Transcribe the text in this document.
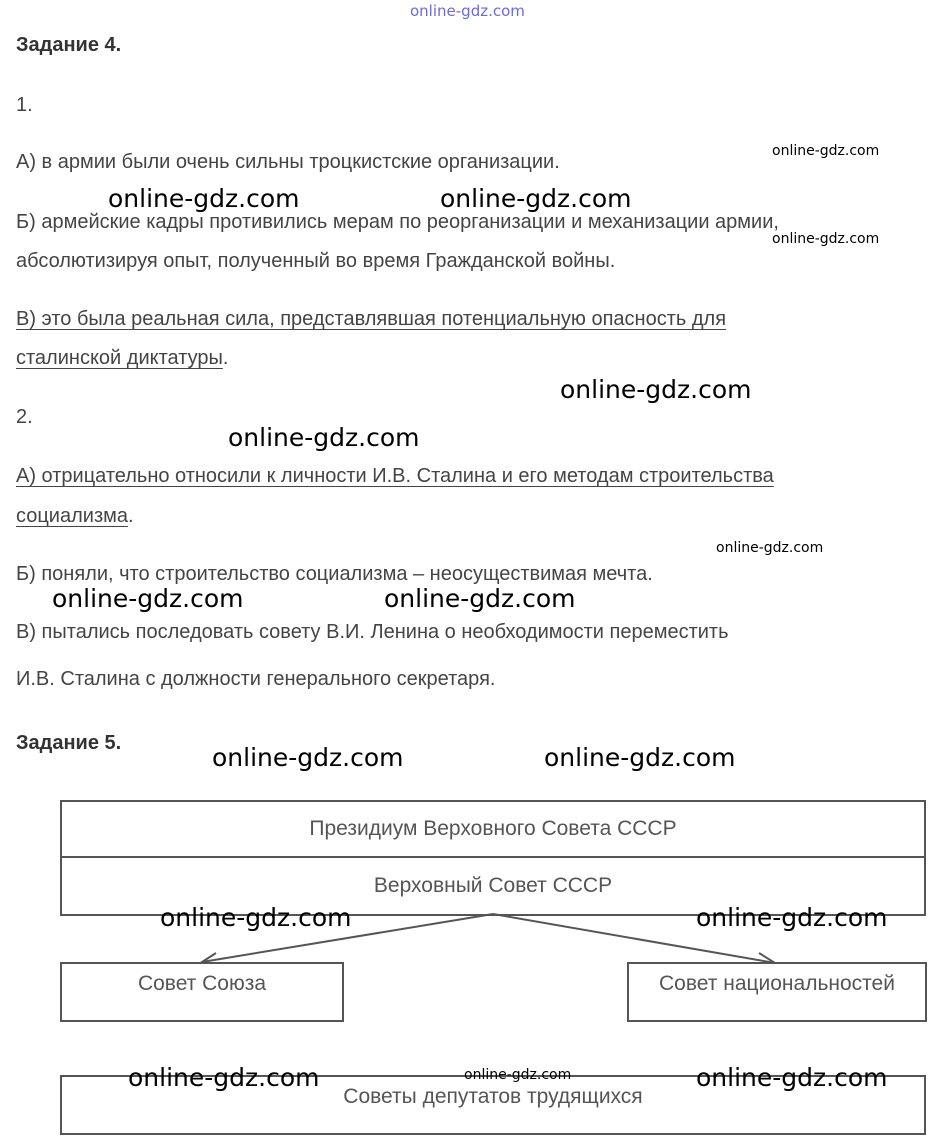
online-gdz.com
Задание 4.
1.
А) в армии были очень сильны троцкистские организации.
Б) армейские кадры противились мерам по реорганизации и механизации армии,
абсолютизируя опыт, полученный во время Гражданской войны.
В) это была реальная сила, представлявшая потенциальную опасность для
сталинской диктатуры.
2.
А) отрицательно относили к личности И.В. Сталина и его методам строительства
социализма.
Б) поняли, что строительство социализма – неосуществимая мечта.
В) пытались последовать совету В.И. Ленина о необходимости переместить
И.В. Сталина с должности генерального секретаря.
Задание 5.
Президиум Верховного Совета СССР
Верховный Совет СССР
Совет Союза	Совет национальностей
Советы депутатов трудящихся
online-gdz.com
online-gdz.com	online-gdz.com
online-gdz.com
online-gdz.com
online-gdz.com
online-gdz.com
online-gdz.com	online-gdz.com
online-gdz.com	online-gdz.com
online-gdz.com	online-gdz.com
online-gdz.com
online-gdz.com	online-gdz.com
